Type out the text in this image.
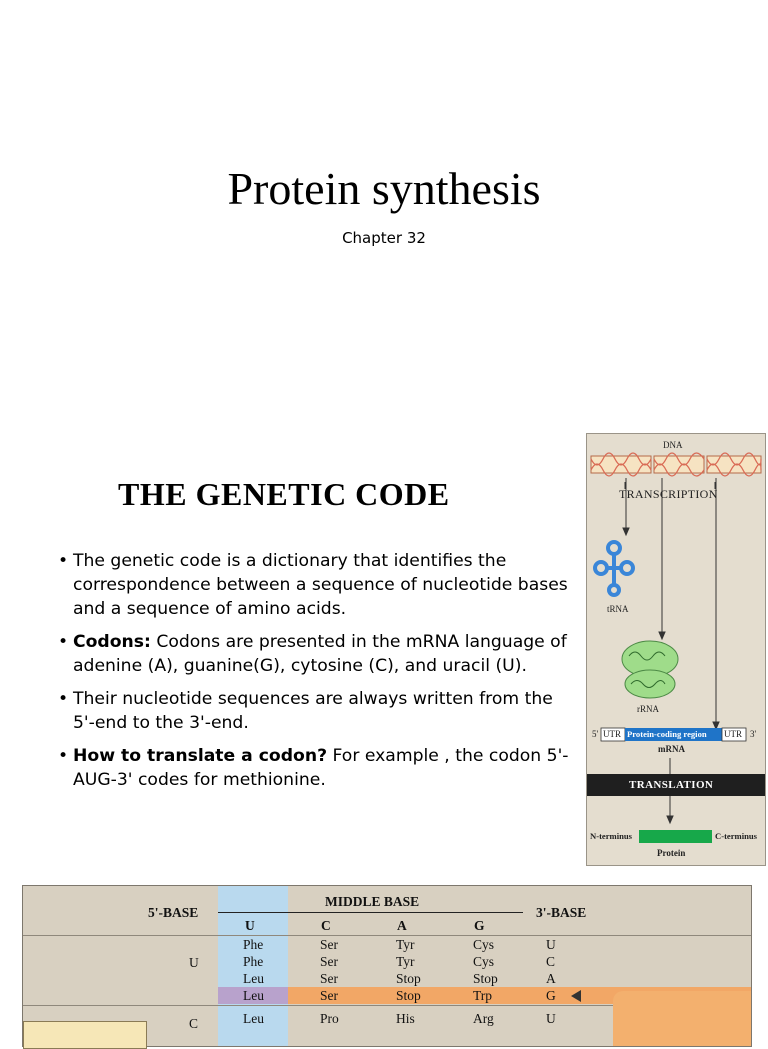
Protein synthesis
Chapter 32
THE GENETIC CODE
• The genetic code is a dictionary that identifies the correspondence between a sequence of nucleotide bases and a sequence of amino acids.
• Codons: Codons are presented in the mRNA language of adenine (A), guanine(G), cytosine (C), and uracil (U).
• Their nucleotide sequences are always written from the 5'-end to the 3'-end.
• How to translate a codon? For example , the codon 5'-AUG-3' codes for methionine.
DNA
TRANSCRIPTION
tRNA
rRNA
5' UTR Protein-coding region UTR 3'
mRNA
TRANSLATION
N-terminus	C-terminus
Protein
5'-BASE
MIDDLE BASE
3'-BASE
U	C	A	G
U
Phe	Ser	Tyr	Cys	U
Phe	Ser	Tyr	Cys	C
Leu	Ser	Stop	Stop	A
Leu	Ser	Stop	Trp	G
C	Leu	Pro	His	Arg	U
